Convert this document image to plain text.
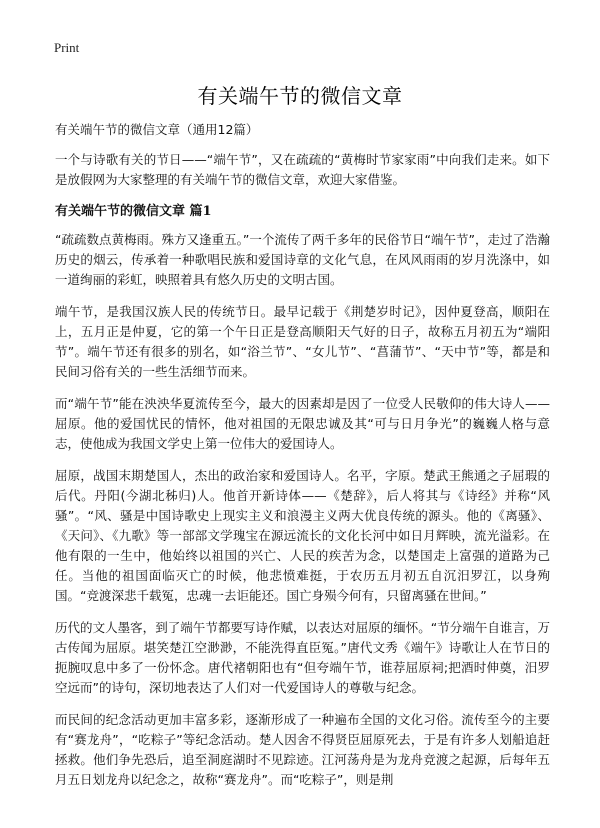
Print
有关端午节的微信文章

有关端午节的微信文章（通用12篇）

一个与诗歌有关的节日——“端午节”，又在疏疏的“黄梅时节家家雨”中向我们走来。如下是放假网为大家整理的有关端午节的微信文章，欢迎大家借鉴。

有关端午节的微信文章 篇1

“疏疏数点黄梅雨。殊方又逢重五。”一个流传了两千多年的民俗节日“端午节”，走过了浩瀚历史的烟云，传承着一种歌唱民族和爱国诗章的文化气息，在风风雨雨的岁月洗涤中，如一道绚丽的彩虹，映照着具有悠久历史的文明古国。

端午节，是我国汉族人民的传统节日。最早记载于《荆楚岁时记》，因仲夏登高，顺阳在上，五月正是仲夏，它的第一个午日正是登高顺阳天气好的日子，故称五月初五为“端阳节”。端午节还有很多的别名，如“浴兰节”、“女儿节”、“菖蒲节”、“天中节”等，都是和民间习俗有关的一些生活细节而来。

而“端午节”能在泱泱华夏流传至今，最大的因素却是因了一位受人民敬仰的伟大诗人——屈原。他的爱国忧民的情怀，他对祖国的无限忠诚及其“可与日月争光”的巍巍人格与意志，使他成为我国文学史上第一位伟大的爱国诗人。

屈原，战国末期楚国人，杰出的政治家和爱国诗人。名平，字原。楚武王熊通之子屈瑕的后代。丹阳(今湖北秭归)人。他首开新诗体——《楚辞》，后人将其与《诗经》并称“风骚”。“风、骚是中国诗歌史上现实主义和浪漫主义两大优良传统的源头。他的《离骚》、《天问》、《九歌》等一部部文学瑰宝在源远流长的文化长河中如日月辉映，流光溢彩。在他有限的一生中，他始终以祖国的兴亡、人民的疾苦为念，以楚国走上富强的道路为己任。当他的祖国面临灭亡的时候，他悲愤难挺，于农历五月初五自沉汨罗江，以身殉国。“竞渡深悲千载冤，忠魂一去讵能还。国亡身殒今何有，只留离骚在世间。”

历代的文人墨客，到了端午节都要写诗作赋，以表达对屈原的缅怀。“节分端午自谁言，万古传闻为屈原。堪笑楚江空渺渺，不能洗得直臣冤。”唐代文秀《端午》诗歌让人在节日的扼腕叹息中多了一份怀念。唐代褚朝阳也有“但夸端午节，谁荐屈原祠;把酒时伸奠，汨罗空远而”的诗句，深切地表达了人们对一代爱国诗人的尊敬与纪念。

而民间的纪念活动更加丰富多彩，逐渐形成了一种遍布全国的文化习俗。流传至今的主要有“赛龙舟”，“吃粽子”等纪念活动。楚人因舍不得贤臣屈原死去，于是有许多人划船追赶拯救。他们争先恐后，追至洞庭湖时不见踪迹。江河荡舟是为龙舟竞渡之起源，后每年五月五日划龙舟以纪念之，故称“赛龙舟”。而“吃粽子”，则是荆
